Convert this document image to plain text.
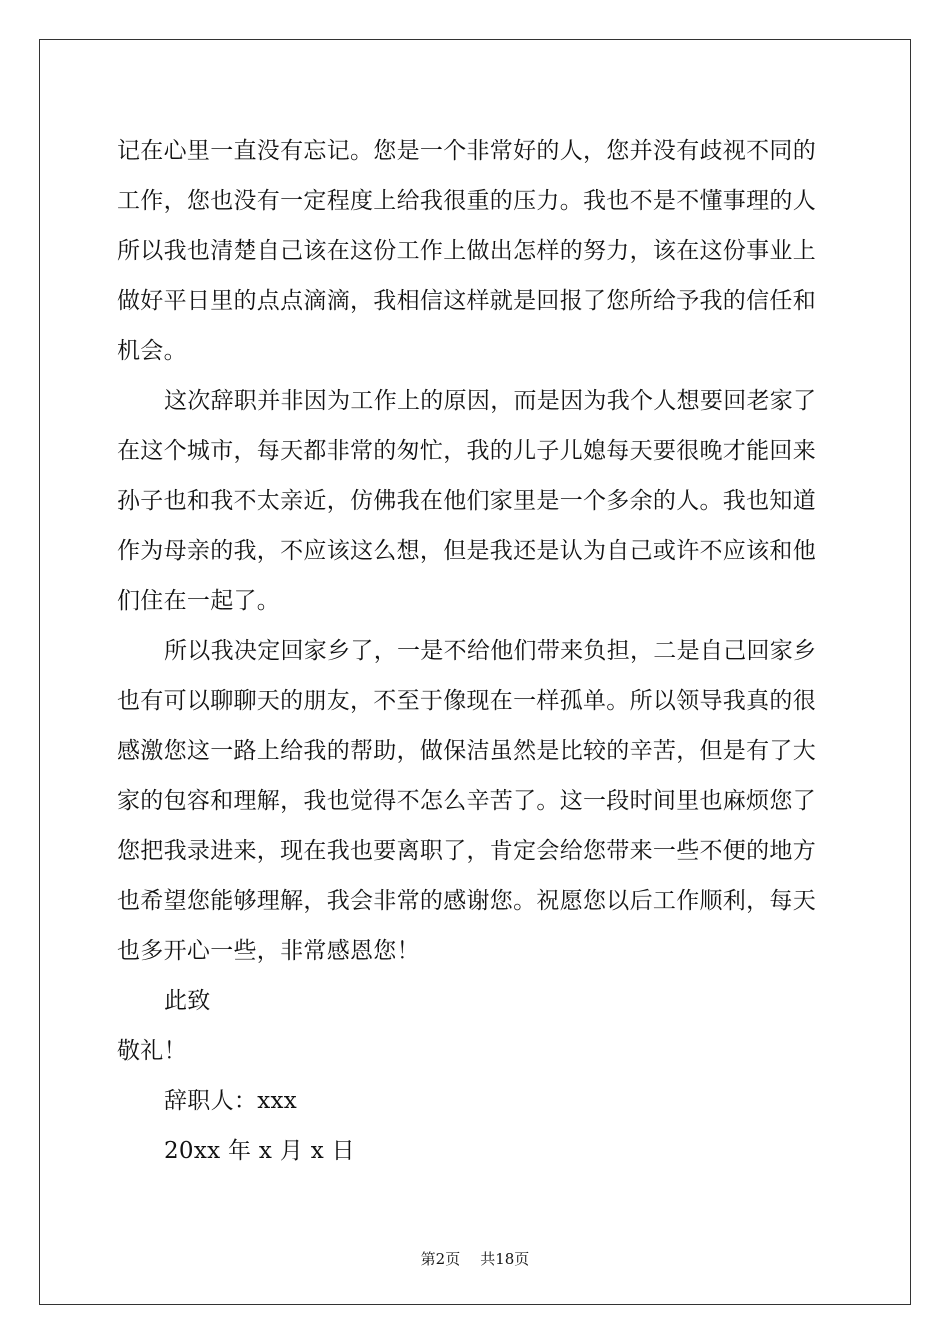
记在心里一直没有忘记。您是一个非常好的人，您并没有歧视不同的
工作，您也没有一定程度上给我很重的压力。我也不是不懂事理的人
所以我也清楚自己该在这份工作上做出怎样的努力，该在这份事业上
做好平日里的点点滴滴，我相信这样就是回报了您所给予我的信任和
机会。
这次辞职并非因为工作上的原因，而是因为我个人想要回老家了
在这个城市，每天都非常的匆忙，我的儿子儿媳每天要很晚才能回来
孙子也和我不太亲近，仿佛我在他们家里是一个多余的人。我也知道
作为母亲的我，不应该这么想，但是我还是认为自己或许不应该和他
们住在一起了。
所以我决定回家乡了，一是不给他们带来负担，二是自己回家乡
也有可以聊聊天的朋友，不至于像现在一样孤单。所以领导我真的很
感激您这一路上给我的帮助，做保洁虽然是比较的辛苦，但是有了大
家的包容和理解，我也觉得不怎么辛苦了。这一段时间里也麻烦您了
您把我录进来，现在我也要离职了，肯定会给您带来一些不便的地方
也希望您能够理解，我会非常的感谢您。祝愿您以后工作顺利，每天
也多开心一些，非常感恩您！
此致
敬礼！
辞职人：xxx
20xx 年 x 月 x 日
第2页 共18页
